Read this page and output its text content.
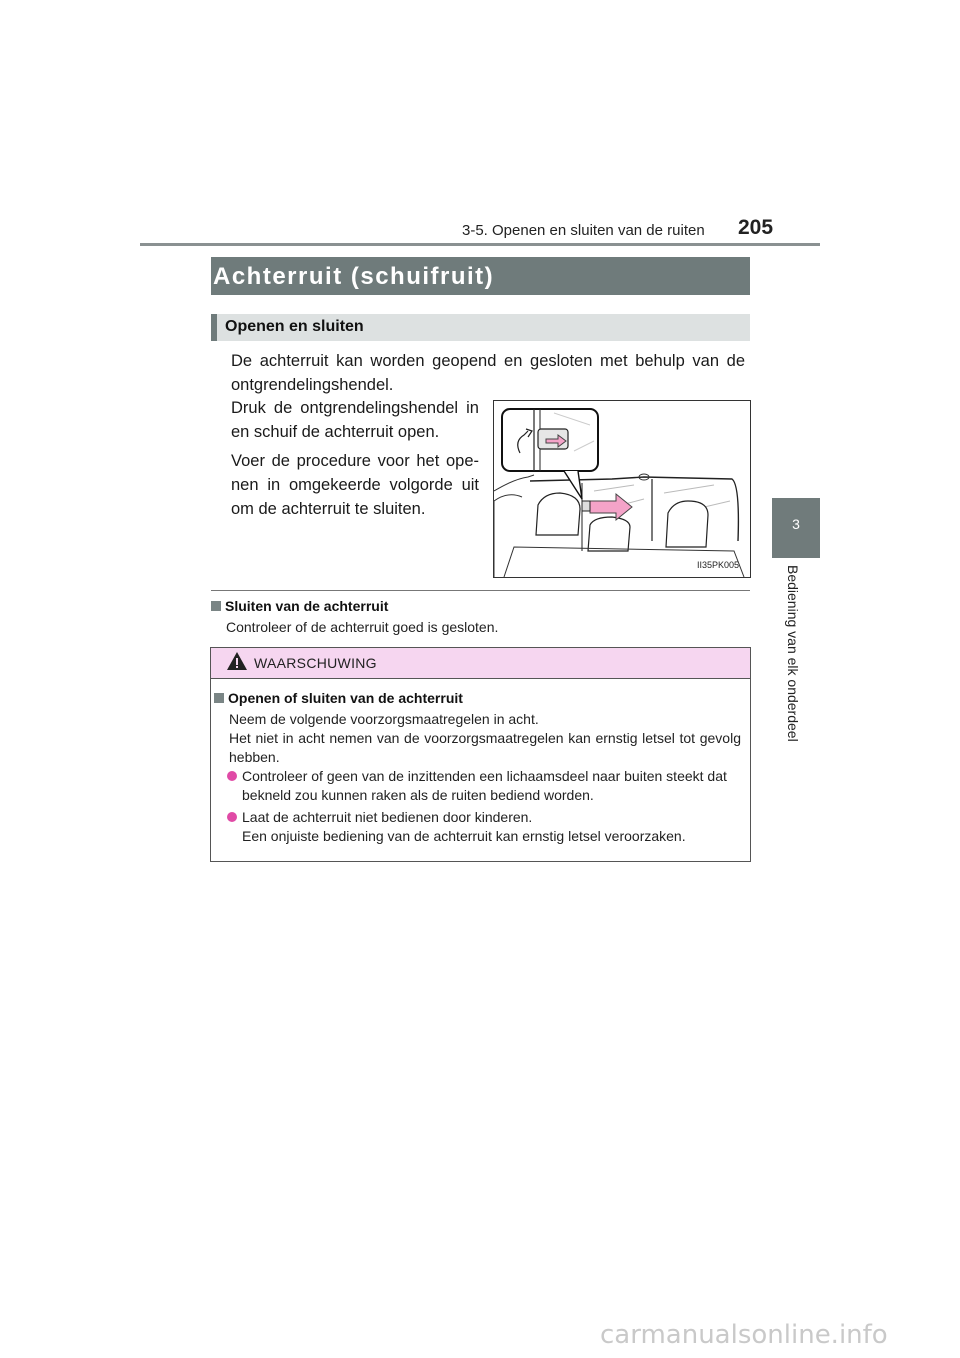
3-5. Openen en sluiten van de ruiten 205
3
Bediening van elk onderdeel
Achterruit (schuifruit)
Openen en sluiten
De achterruit kan worden geopend en gesloten met behulp van de ontgrendelingshendel.
Druk de ontgrendelingshendel in en schuif de achterruit open.
Voer de procedure voor het ope-nen in omgekeerde volgorde uit om de achterruit te sluiten.
II35PK005
Sluiten van de achterruit
Controleer of de achterruit goed is gesloten.
WAARSCHUWING
Openen of sluiten van de achterruit
Neem de volgende voorzorgsmaatregelen in acht.
Het niet in acht nemen van de voorzorgsmaatregelen kan ernstig letsel tot gevolg hebben.
Controleer of geen van de inzittenden een lichaamsdeel naar buiten steekt dat bekneld zou kunnen raken als de ruiten bediend worden.
Laat de achterruit niet bedienen door kinderen.
Een onjuiste bediening van de achterruit kan ernstig letsel veroorzaken.
carmanualsonline.info
